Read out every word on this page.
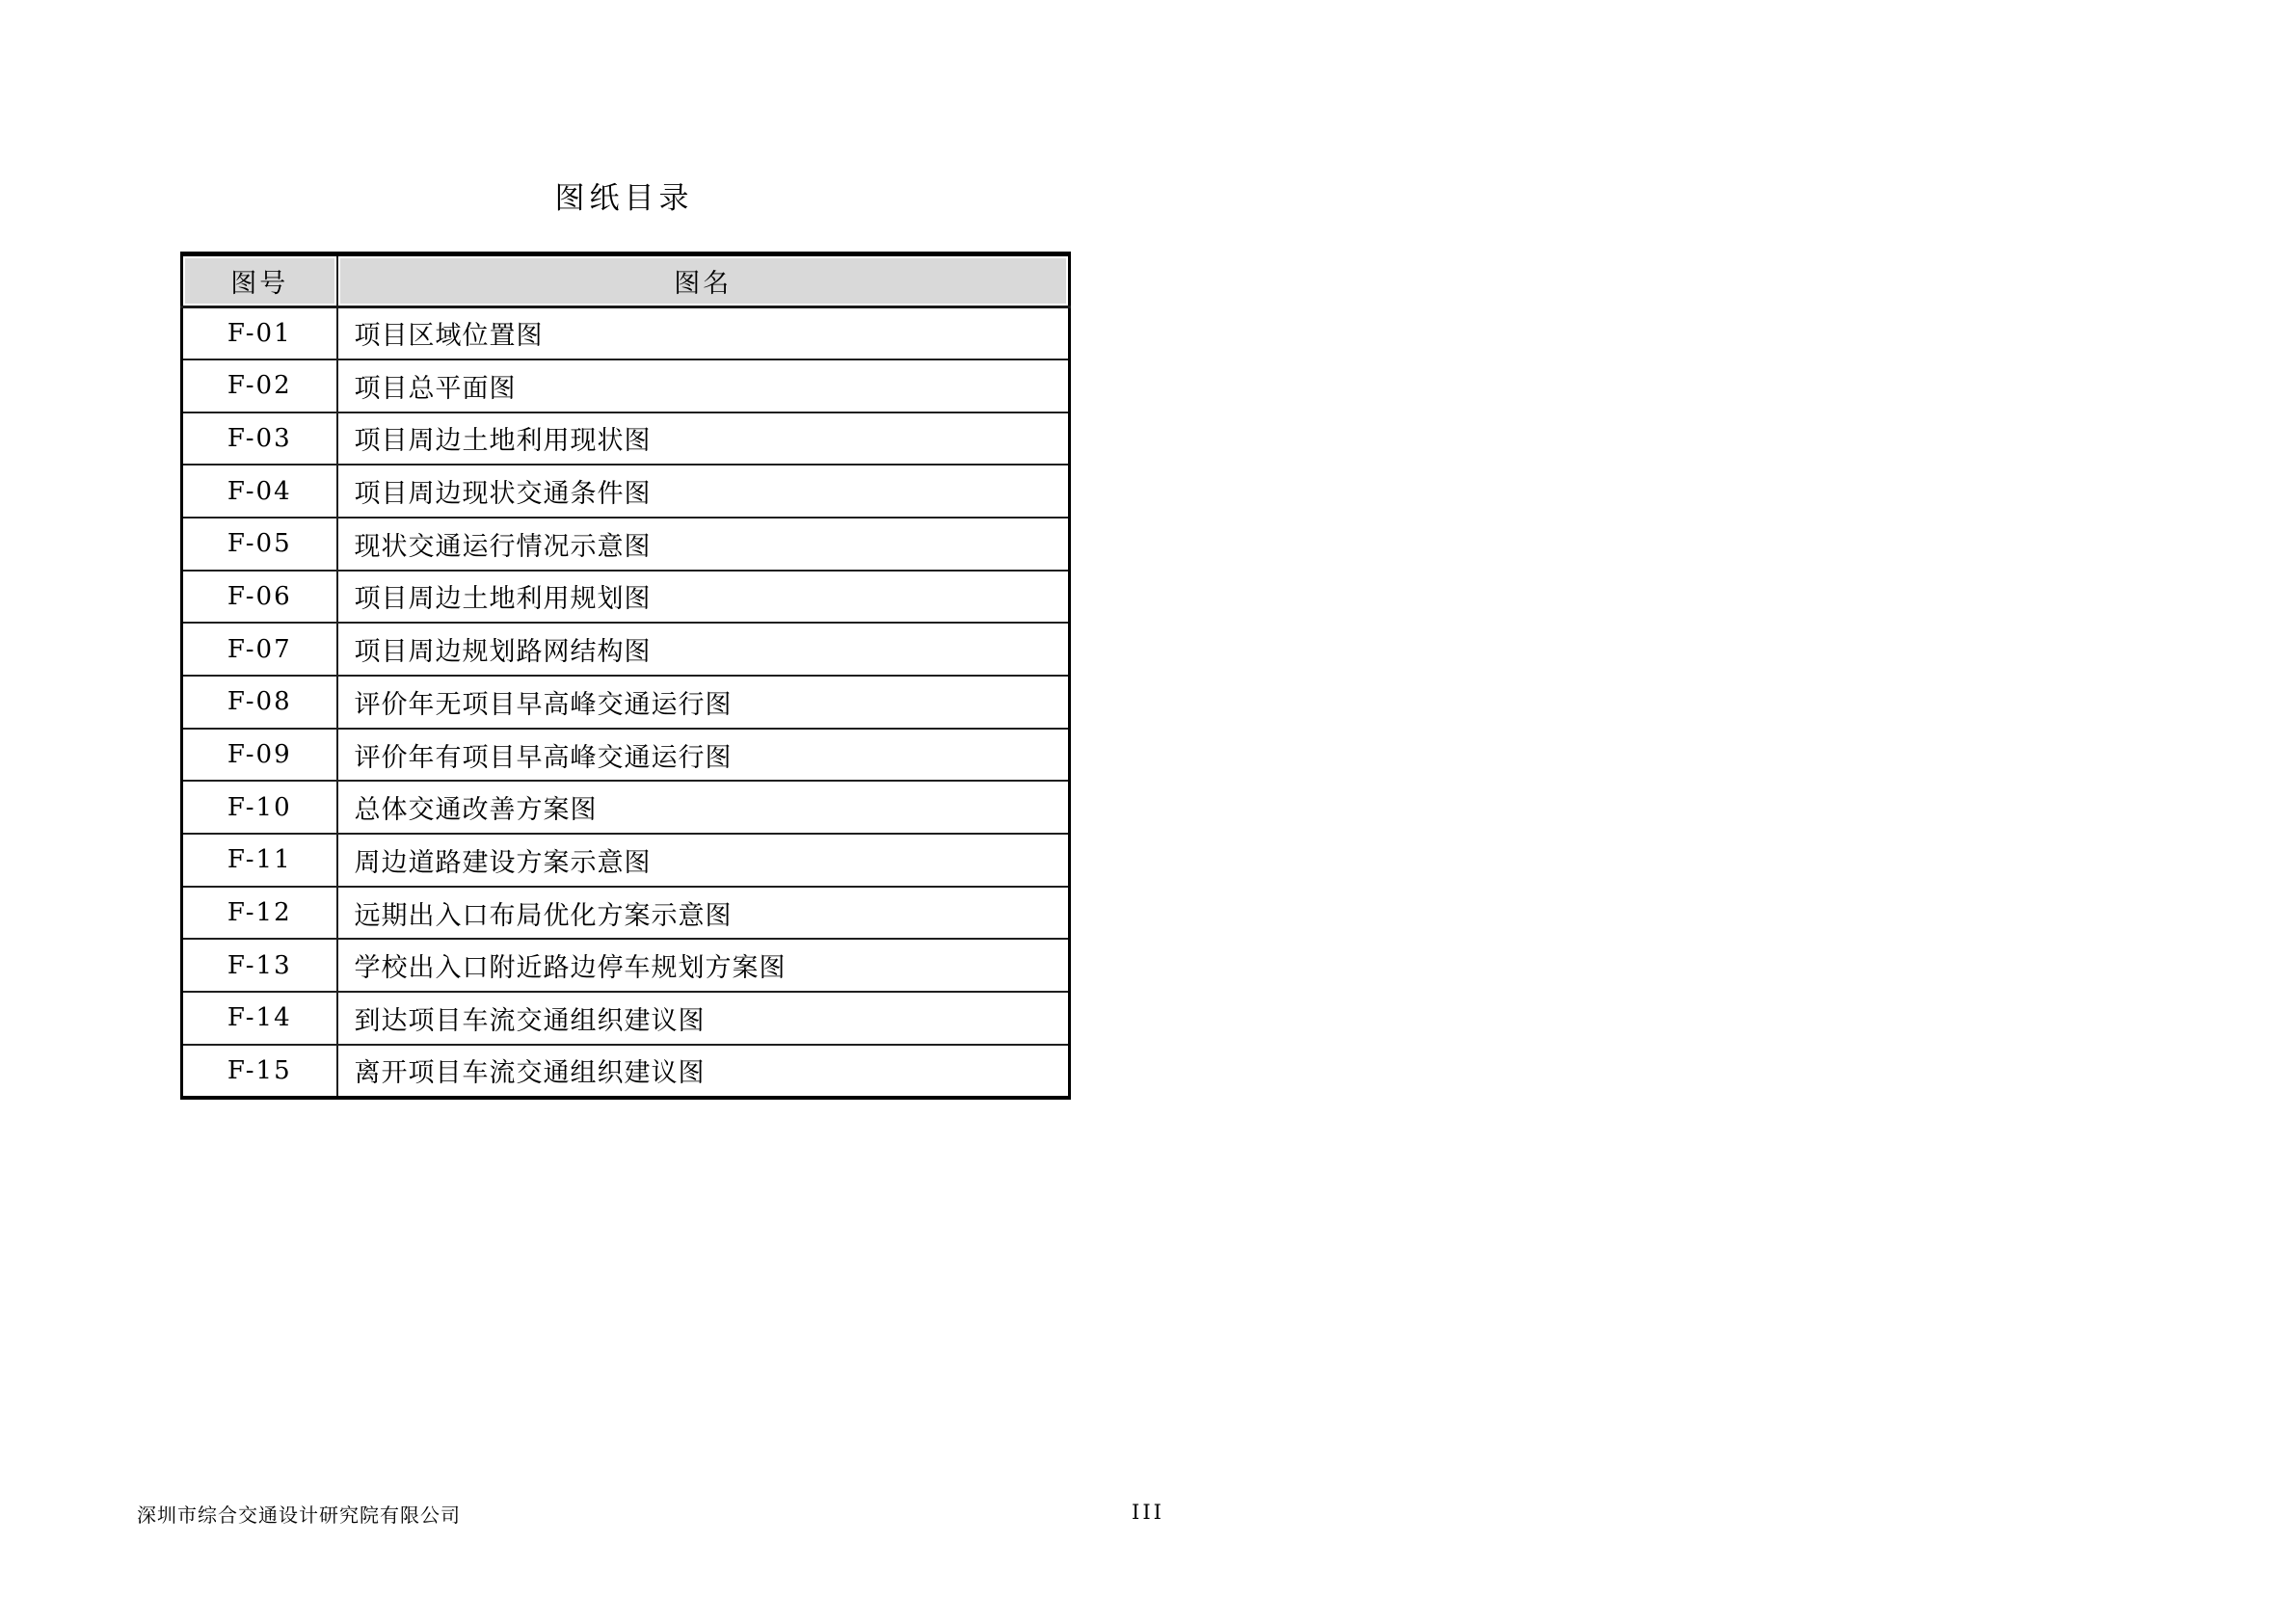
图纸目录
图号	图名
F-01	项目区域位置图
F-02	项目总平面图
F-03	项目周边土地利用现状图
F-04	项目周边现状交通条件图
F-05	现状交通运行情况示意图
F-06	项目周边土地利用规划图
F-07	项目周边规划路网结构图
F-08	评价年无项目早高峰交通运行图
F-09	评价年有项目早高峰交通运行图
F-10	总体交通改善方案图
F-11	周边道路建设方案示意图
F-12	远期出入口布局优化方案示意图
F-13	学校出入口附近路边停车规划方案图
F-14	到达项目车流交通组织建议图
F-15	离开项目车流交通组织建议图
深圳市综合交通设计研究院有限公司	III
